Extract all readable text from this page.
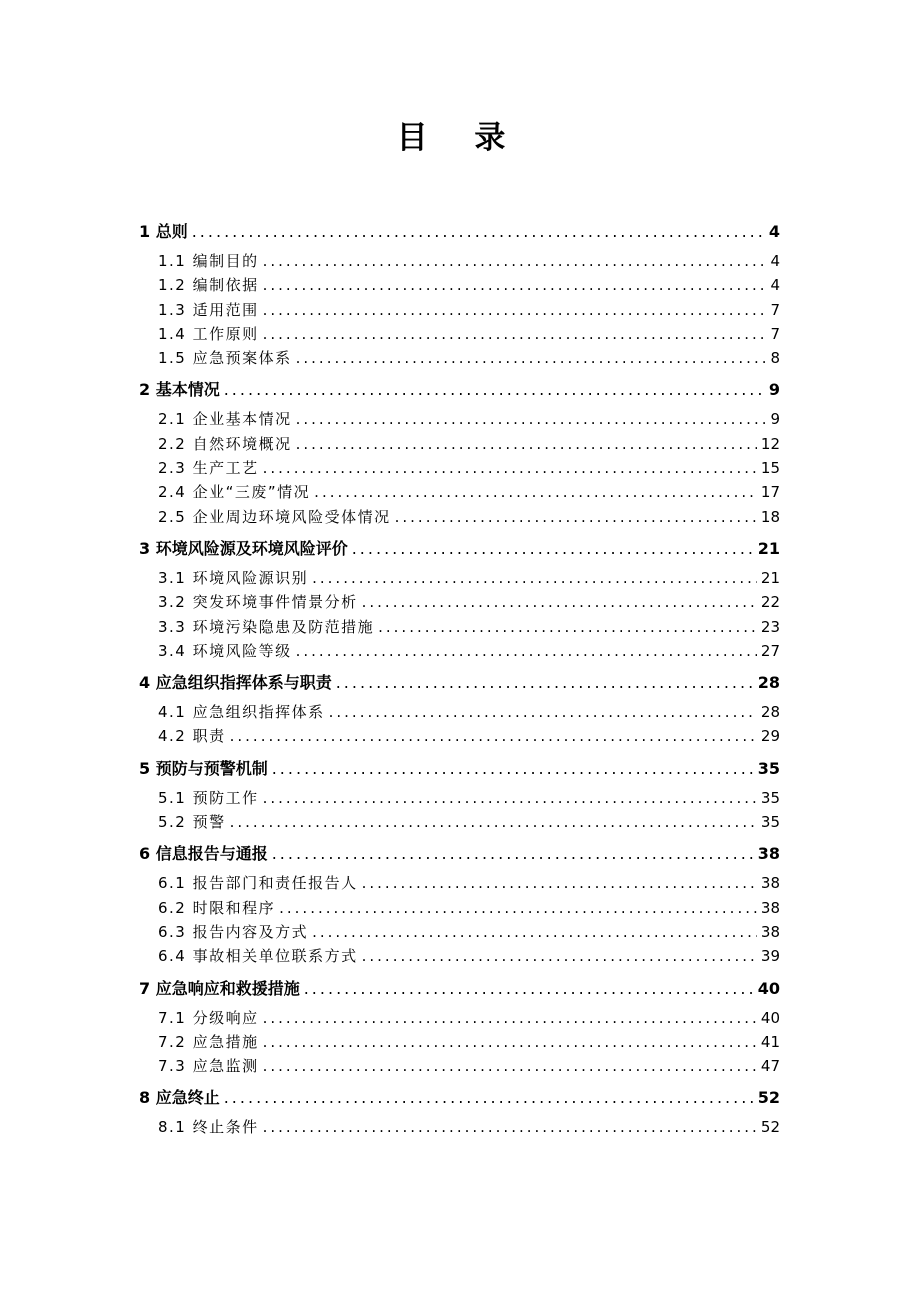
目 录
1 总则 .....	4
1.1 编制目的 .....	4
1.2 编制依据 .....	4
1.3 适用范围 .....	7
1.4 工作原则 .....	7
1.5 应急预案体系 .....	8
2 基本情况 .....	9
2.1 企业基本情况 .....	9
2.2 自然环境概况 .....	12
2.3 生产工艺 .....	15
2.4 企业“三废”情况 .....	17
2.5 企业周边环境风险受体情况 .....	18
3 环境风险源及环境风险评价 .....	21
3.1 环境风险源识别 .....	21
3.2 突发环境事件情景分析 .....	22
3.3 环境污染隐患及防范措施 .....	23
3.4 环境风险等级 .....	27
4 应急组织指挥体系与职责 .....	28
4.1 应急组织指挥体系 .....	28
4.2 职责 .....	29
5 预防与预警机制 .....	35
5.1 预防工作 .....	35
5.2 预警 .....	35
6 信息报告与通报 .....	38
6.1 报告部门和责任报告人 .....	38
6.2 时限和程序 .....	38
6.3 报告内容及方式 .....	38
6.4 事故相关单位联系方式 .....	39
7 应急响应和救援措施 .....	40
7.1 分级响应 .....	40
7.2 应急措施 .....	41
7.3 应急监测 .....	47
8 应急终止 .....	52
8.1 终止条件 .....	52
